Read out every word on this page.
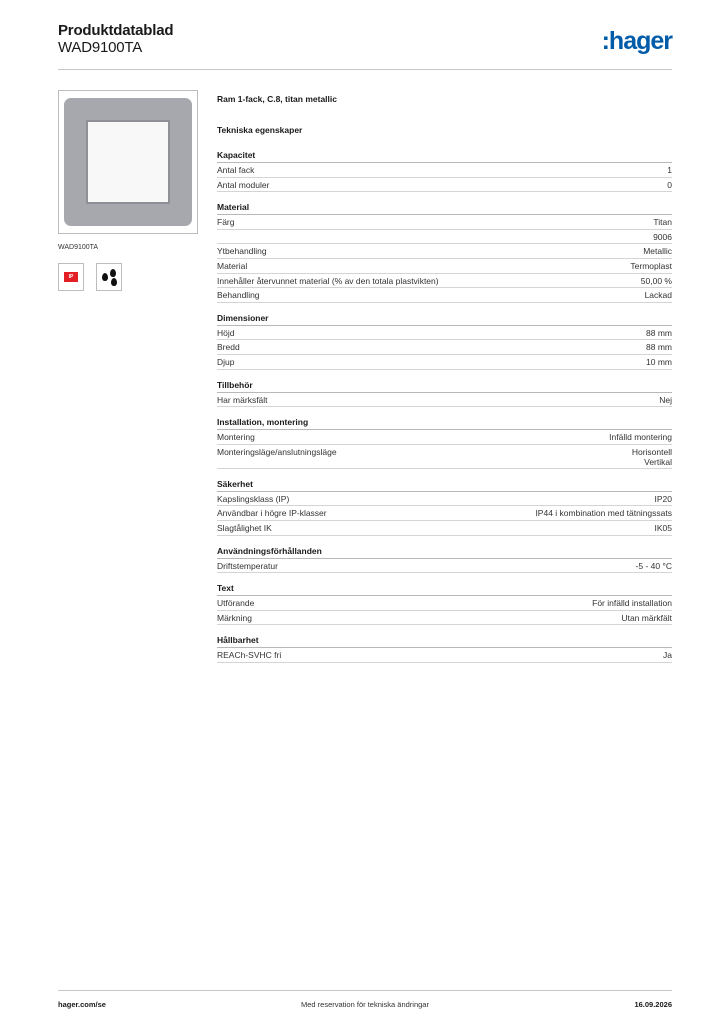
Produktdatablad
WAD9100TA	:hager
WAD9100TA
IP
Ram 1-fack, C.8, titan metallic
Tekniska egenskaper
Kapacitet
Antal fack	1
Antal moduler	0
Material
Färg	Titan
9006
Ytbehandling	Metallic
Material	Termoplast
Innehåller återvunnet material (% av den totala plastvikten)	50,00 %
Behandling	Lackad
Dimensioner
Höjd	88 mm
Bredd	88 mm
Djup	10 mm
Tillbehör
Har märksfält	Nej
Installation, montering
Montering	Infälld montering
Monteringsläge/anslutningsläge	Horisontell
Vertikal
Säkerhet
Kapslingsklass (IP)	IP20
Användbar i högre IP-klasser	IP44 i kombination med tätningssats
Slagtålighet IK	IK05
Användningsförhållanden
Driftstemperatur	-5 - 40 °C
Text
Utförande	För infälld installation
Märkning	Utan märkfält
Hållbarhet
REACh-SVHC fri	Ja
hager.com/se	Med reservation för tekniska ändringar	16.09.2026
